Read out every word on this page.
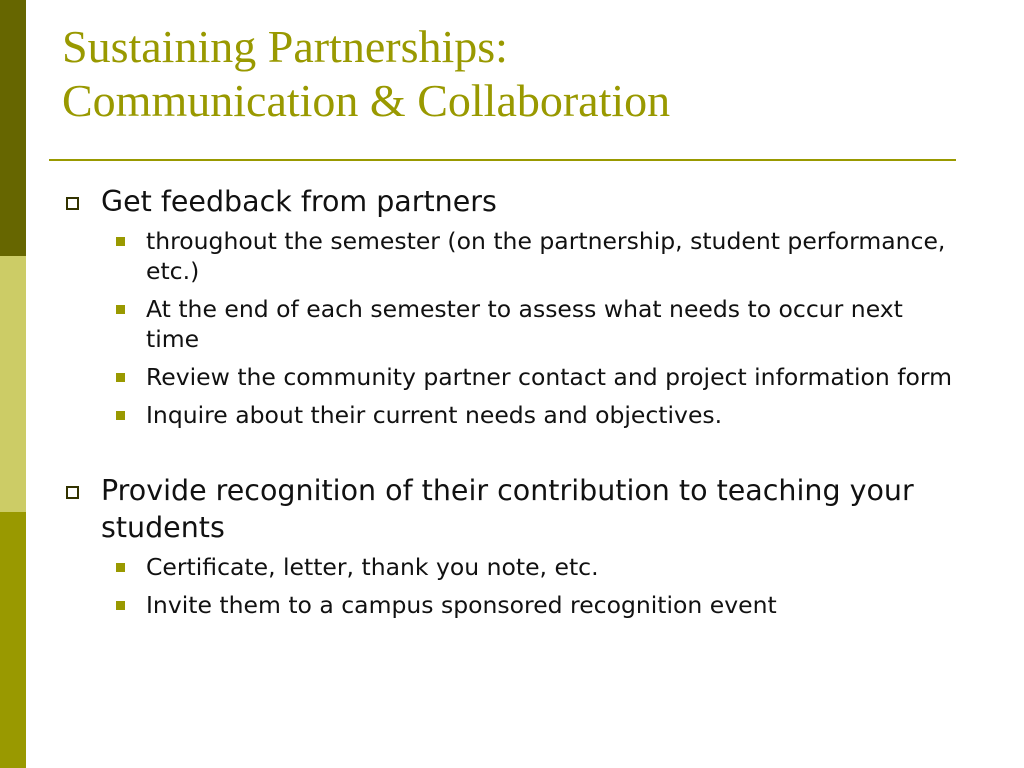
Sustaining Partnerships:
Communication & Collaboration
Get feedback from partners
throughout the semester (on the partnership, student performance, etc.)
At the end of each semester to assess what needs to occur next time
Review the community partner contact and project information form
Inquire about their current needs and objectives.
Provide recognition of their contribution to teaching your students
Certificate, letter, thank you note, etc.
Invite them to a campus sponsored recognition event
